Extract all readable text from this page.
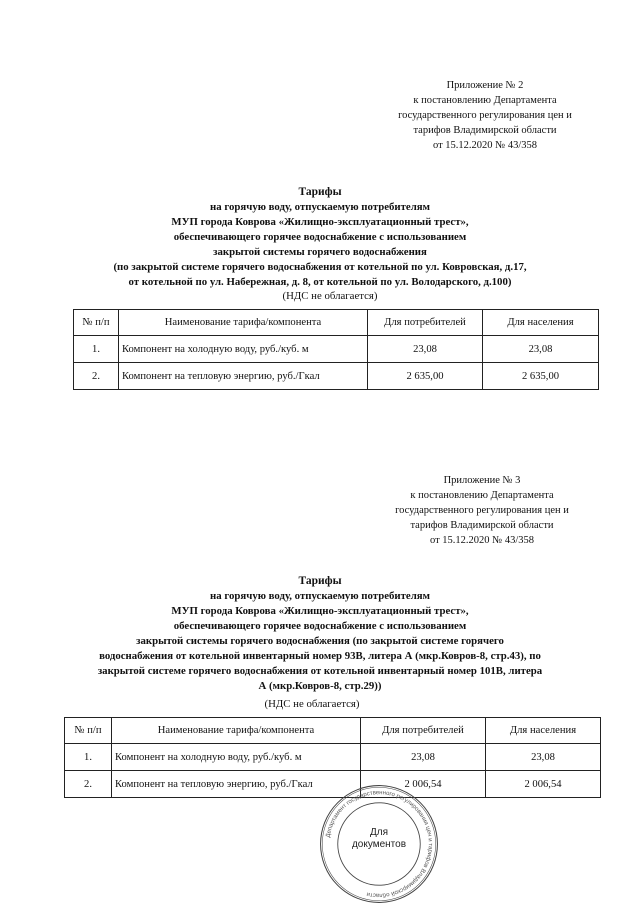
Приложение № 2
к постановлению Департамента
государственного регулирования цен и
тарифов Владимирской области
от 15.12.2020 № 43/358
Тарифы
на горячую воду, отпускаемую потребителям
МУП города Коврова «Жилищно-эксплуатационный трест»,
обеспечивающего горячее водоснабжение с использованием
закрытой системы горячего водоснабжения
(по закрытой системе горячего водоснабжения от котельной по ул. Ковровская, д.17,
от котельной по ул. Набережная, д. 8, от котельной по ул. Володарского, д.100)
(НДС не облагается)
№ п/п	Наименование тарифа/компонента	Для потребителей	Для населения
1.	Компонент на холодную воду, руб./куб. м	23,08	23,08
2.	Компонент на тепловую энергию, руб./Гкал	2 635,00	2 635,00
Приложение № 3
к постановлению Департамента
государственного регулирования цен и
тарифов Владимирской области
от 15.12.2020 № 43/358
Тарифы
на горячую воду, отпускаемую потребителям
МУП города Коврова «Жилищно-эксплуатационный трест»,
обеспечивающего горячее водоснабжение с использованием
закрытой системы горячего водоснабжения (по закрытой системе горячего
водоснабжения от котельной инвентарный номер 93В, литера А (мкр.Ковров-8, стр.43), по
закрытой системе горячего водоснабжения от котельной инвентарный номер 101В, литера
А (мкр.Ковров-8, стр.29))
(НДС не облагается)
№ п/п	Наименование тарифа/компонента	Для потребителей	Для населения
1.	Компонент на холодную воду, руб./куб. м	23,08	23,08
2.	Компонент на тепловую энергию, руб./Гкал	2 006,54	2 006,54
Департамент государственного регулирования цен и тарифов Владимирской области
Для
документов
